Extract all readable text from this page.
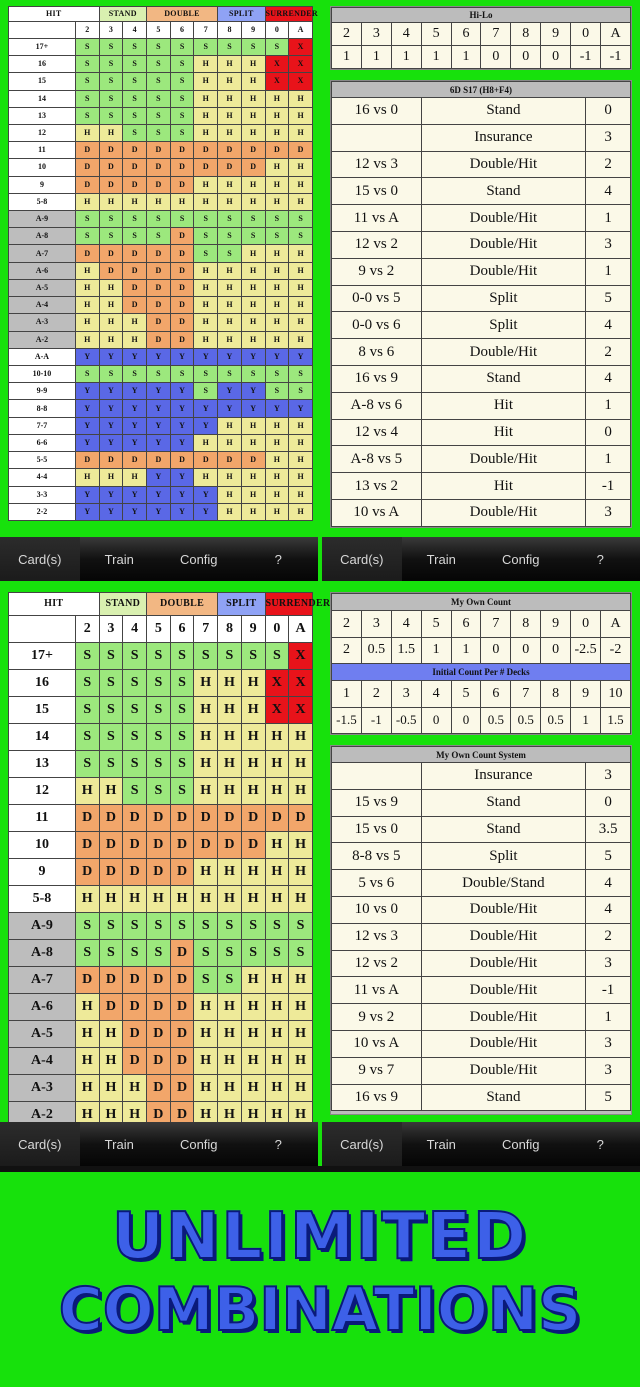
HIT		STAND		DOUBLE			SPLIT		SURRENDER	
	2	3	4	5	6	7	8	9	0	A
17+	S	S	S	S	S	S	S	S	S	X
16	S	S	S	S	S	H	H	H	X	X
15	S	S	S	S	S	H	H	H	X	X
14	S	S	S	S	S	H	H	H	H	H
13	S	S	S	S	S	H	H	H	H	H
12	H	H	S	S	S	H	H	H	H	H
11	D	D	D	D	D	D	D	D	D	D
10	D	D	D	D	D	D	D	D	H	H
9	D	D	D	D	D	H	H	H	H	H
5-8	H	H	H	H	H	H	H	H	H	H
A-9	S	S	S	S	S	S	S	S	S	S
A-8	S	S	S	S	D	S	S	S	S	S
A-7	D	D	D	D	D	S	S	H	H	H
A-6	H	D	D	D	D	H	H	H	H	H
A-5	H	H	D	D	D	H	H	H	H	H
A-4	H	H	D	D	D	H	H	H	H	H
A-3	H	H	H	D	D	H	H	H	H	H
A-2	H	H	H	D	D	H	H	H	H	H
A-A	Y	Y	Y	Y	Y	Y	Y	Y	Y	Y
10-10	S	S	S	S	S	S	S	S	S	S
9-9	Y	Y	Y	Y	Y	S	Y	Y	S	S
8-8	Y	Y	Y	Y	Y	Y	Y	Y	Y	Y
7-7	Y	Y	Y	Y	Y	Y	H	H	H	H
6-6	Y	Y	Y	Y	Y	H	H	H	H	H
5-5	D	D	D	D	D	D	D	D	H	H
4-4	H	H	H	Y	Y	H	H	H	H	H
3-3	Y	Y	Y	Y	Y	Y	H	H	H	H
2-2	Y	Y	Y	Y	Y	Y	H	H	H	H
Hi-Lo									
2	3	4	5	6	7	8	9	0	A
1	1	1	1	1	0	0	0	-1	-1
6D S17 (H8+F4)		
16 vs 0	Stand	0
	Insurance	3
12 vs 3	Double/Hit	2
15 vs 0	Stand	4
11 vs A	Double/Hit	1
12 vs 2	Double/Hit	3
9 vs 2	Double/Hit	1
0-0 vs 5	Split	5
0-0 vs 6	Split	4
8 vs 6	Double/Hit	2
16 vs 9	Stand	4
A-8 vs 6	Hit	1
12 vs 4	Hit	0
A-8 vs 5	Double/Hit	1
13 vs 2	Hit	-1
10 vs A	Double/Hit	3
Card(s)	Train	Config	?	Card(s)	Train	Config	?
HIT		STAND		DOUBLE			SPLIT		SURRENDER	
	2	3	4	5	6	7	8	9	0	A
17+	S	S	S	S	S	S	S	S	S	X
16	S	S	S	S	S	H	H	H	X	X
15	S	S	S	S	S	H	H	H	X	X
14	S	S	S	S	S	H	H	H	H	H
13	S	S	S	S	S	H	H	H	H	H
12	H	H	S	S	S	H	H	H	H	H
11	D	D	D	D	D	D	D	D	D	D
10	D	D	D	D	D	D	D	D	H	H
9	D	D	D	D	D	H	H	H	H	H
5-8	H	H	H	H	H	H	H	H	H	H
A-9	S	S	S	S	S	S	S	S	S	S
A-8	S	S	S	S	D	S	S	S	S	S
A-7	D	D	D	D	D	S	S	H	H	H
A-6	H	D	D	D	D	H	H	H	H	H
A-5	H	H	D	D	D	H	H	H	H	H
A-4	H	H	D	D	D	H	H	H	H	H
A-3	H	H	H	D	D	H	H	H	H	H
A-2	H	H	H	D	D	H	H	H	H	H
My Own Count									
2	3	4	5	6	7	8	9	0	A
2	0.5	1.5	1	1	0	0	0	-2.5	-2
Initial Count Per # Decks									
1	2	3	4	5	6	7	8	9	10
-1.5	-1	-0.5	0	0	0.5	0.5	0.5	1	1.5
My Own Count System		
	Insurance	3
15 vs 9	Stand	0
15 vs 0	Stand	3.5
8-8 vs 5	Split	5
5 vs 6	Double/Stand	4
10 vs 0	Double/Hit	4
12 vs 3	Double/Hit	2
12 vs 2	Double/Hit	3
11 vs A	Double/Hit	-1
9 vs 2	Double/Hit	1
10 vs A	Double/Hit	3
9 vs 7	Double/Hit	3
16 vs 9	Stand	5
Card(s)	Train	Config	?	Card(s)	Train	Config	?
UNLIMITED
COMBINATIONS
